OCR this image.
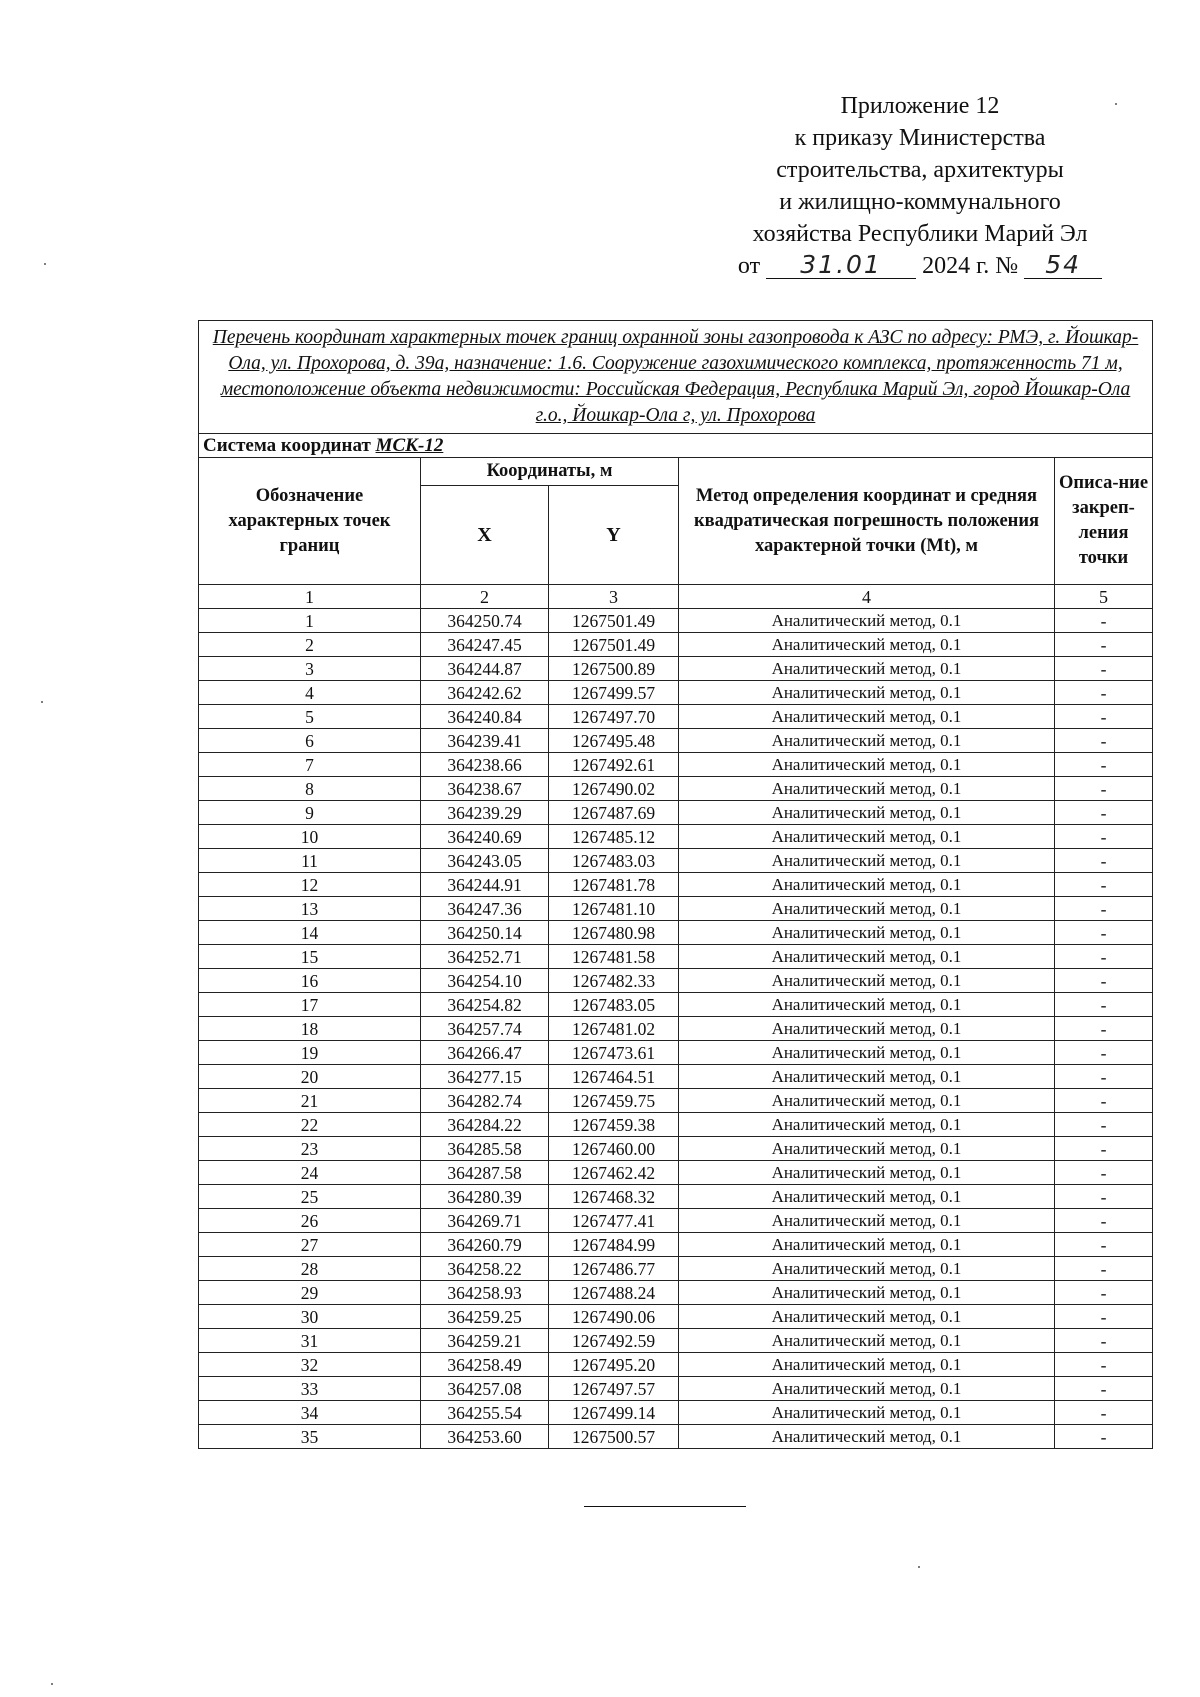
Приложение 12
к приказу Министерства
строительства, архитектуры
и жилищно-коммунального
хозяйства Республики Марий Эл
от 31.01 2024 г. № 54
Перечень координат характерных точек границ охранной зоны газопровода к АЗС по адресу: РМЭ, г. Йошкар-Ола, ул. Прохорова, д. 39а, назначение: 1.6. Сооружение газохимического комплекса, протяженность 71 м, местоположение объекта недвижимости: Российская Федерация, Республика Марий Эл, город Йошкар-Ола г.о., Йошкар-Ола г, ул. Прохорова				
Система координат МСК-12				
Обозначение характерных точек границ	Координаты, м		Метод определения координат и средняя квадратическая погрешность положения характерной точки (Mt), м	Описа-ние закреп-ления точки
	X	Y		
1	2	3	4	5
1	364250.74	1267501.49	Аналитический метод, 0.1	-
2	364247.45	1267501.49	Аналитический метод, 0.1	-
3	364244.87	1267500.89	Аналитический метод, 0.1	-
4	364242.62	1267499.57	Аналитический метод, 0.1	-
5	364240.84	1267497.70	Аналитический метод, 0.1	-
6	364239.41	1267495.48	Аналитический метод, 0.1	-
7	364238.66	1267492.61	Аналитический метод, 0.1	-
8	364238.67	1267490.02	Аналитический метод, 0.1	-
9	364239.29	1267487.69	Аналитический метод, 0.1	-
10	364240.69	1267485.12	Аналитический метод, 0.1	-
11	364243.05	1267483.03	Аналитический метод, 0.1	-
12	364244.91	1267481.78	Аналитический метод, 0.1	-
13	364247.36	1267481.10	Аналитический метод, 0.1	-
14	364250.14	1267480.98	Аналитический метод, 0.1	-
15	364252.71	1267481.58	Аналитический метод, 0.1	-
16	364254.10	1267482.33	Аналитический метод, 0.1	-
17	364254.82	1267483.05	Аналитический метод, 0.1	-
18	364257.74	1267481.02	Аналитический метод, 0.1	-
19	364266.47	1267473.61	Аналитический метод, 0.1	-
20	364277.15	1267464.51	Аналитический метод, 0.1	-
21	364282.74	1267459.75	Аналитический метод, 0.1	-
22	364284.22	1267459.38	Аналитический метод, 0.1	-
23	364285.58	1267460.00	Аналитический метод, 0.1	-
24	364287.58	1267462.42	Аналитический метод, 0.1	-
25	364280.39	1267468.32	Аналитический метод, 0.1	-
26	364269.71	1267477.41	Аналитический метод, 0.1	-
27	364260.79	1267484.99	Аналитический метод, 0.1	-
28	364258.22	1267486.77	Аналитический метод, 0.1	-
29	364258.93	1267488.24	Аналитический метод, 0.1	-
30	364259.25	1267490.06	Аналитический метод, 0.1	-
31	364259.21	1267492.59	Аналитический метод, 0.1	-
32	364258.49	1267495.20	Аналитический метод, 0.1	-
33	364257.08	1267497.57	Аналитический метод, 0.1	-
34	364255.54	1267499.14	Аналитический метод, 0.1	-
35	364253.60	1267500.57	Аналитический метод, 0.1	-
